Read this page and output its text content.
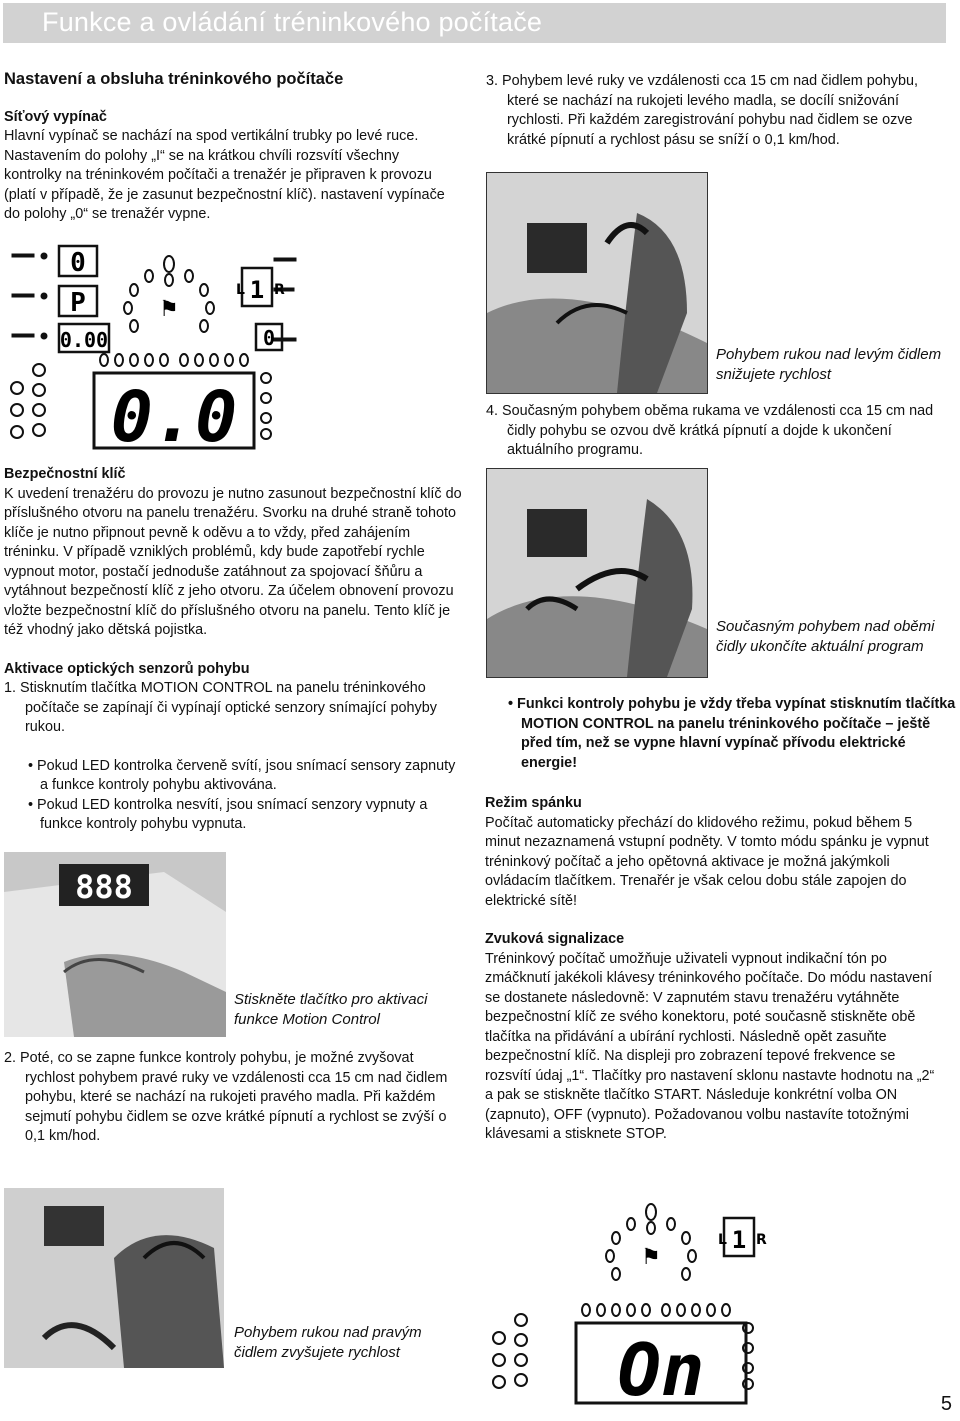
Funkce a ovládání tréninkového počítače

Nastavení a obsluha tréninkového počítače

Síťový vypínač

Hlavní vypínač se nachází na spod vertikální trubky po levé ruce. Nastavením do polohy „I“ se na krátkou chvíli rozsvítí všechny kontrolky na tréninkovém počítači a trenažér je připraven k provozu (platí v případě, že je zasunut bezpečnostní klíč). nastavení vypínače do polohy „0“ se trenažér vypne.

0
P
0.00	0
⚑
1
L R
0.0

Bezpečnostní klíč

K uvedení trenažéru do provozu je nutno zasunout bezpečnostní klíč do příslušného otvoru na panelu trenažéru. Svorku na druhé straně tohoto klíče je nutno připnout pevně k oděvu a to vždy, před zahájením tréninku. V případě vzniklých problémů, kdy bude zapotřebí rychle vypnout motor, postačí jednoduše zatáhnout za spojovací šňůru a vytáhnout bezpečností klíč z jeho otvoru. Za účelem obnovení provozu vložte bezpečnostní klíč do příslušného otvoru na panelu. Tento klíč je též vhodný jako dětská pojistka.

Aktivace optických senzorů pohybu

1. Stisknutím tlačítka MOTION CONTROL na panelu tréninkového počítače se zapínají či vypínají optické senzory snímající pohyby rukou.

• Pokud LED kontrolka červeně svítí, jsou snímací sensory zapnuty a funkce kontroly pohybu aktivována.

• Pokud LED kontrolka nesvítí, jsou snímací senzory vypnuty a funkce kontroly pohybu vypnuta.

888
Stiskněte tlačítko pro aktivaci funkce Motion Control

2. Poté, co se zapne funkce kontroly pohybu, je možné zvyšovat rychlost pohybem pravé ruky ve vzdálenosti cca 15 cm nad čidlem pohybu, které se nachází na rukojeti pravého madla. Při každém sejmutí pohybu čidlem se ozve krátké pípnutí a rychlost se zvýší o 0,1 km/hod.

Pohybem rukou nad pravým čidlem zvyšujete rychlost

3. Pohybem levé ruky ve vzdálenosti cca 15 cm nad čidlem pohybu, které se nachází na rukojeti levého madla, se docílí snižování rychlosti. Při každém zaregistrování pohybu nad čidlem se ozve krátké pípnutí a rychlost pásu se sníží o 0,1 km/hod.

Pohybem rukou nad levým čidlem snižujete rychlost

4. Současným pohybem oběma rukama ve vzdálenosti cca 15 cm nad čidly pohybu se ozvou dvě krátká pípnutí a dojde k ukončení aktuálního programu.

Současným pohybem nad oběmi čidly ukončíte aktuální program
• Funkci kontroly pohybu je vždy třeba vypínat stisknutím tlačítka MOTION CONTROL na panelu tréninkového počítače – ještě před tím, než se vypne hlavní vypínač přívodu elektrické energie!

Režim spánku

Počítač automaticky přechází do klidového režimu, pokud během 5 minut nezaznamená vstupní podněty. V tomto módu spánku je vypnut tréninkový počítač a jeho opětovná aktivace je možná jakýmkoli ovládacím tlačítkem. Trenařér je však celou dobu stále zapojen do elektrické sítě!

Zvuková signalizace

Tréninkový počítač umožňuje uživateli vypnout indikační tón po zmáčknutí jakékoli klávesy tréninkového počítače. Do módu nastavení se dostanete následovně: V zapnutém stavu trenažéru vytáhněte bezpečnostní klíč ze svého konektoru, poté současně stiskněte obě tlačítka na přidávání a ubírání rychlosti. Následně opět zasuňte bezpečnostní klíč. Na displeji pro zobrazení tepové frekvence se rozsvítí údaj „1“. Tlačítky pro nastavení sklonu nastavte hodnotu na „2“ a pak se stiskněte tlačítko START. Následuje konkrétní volba ON (zapnuto), OFF (vypnuto). Požadovanou volbu nastavíte totožnými klávesami a stisknete STOP.

⚑
1
L R
On	5
